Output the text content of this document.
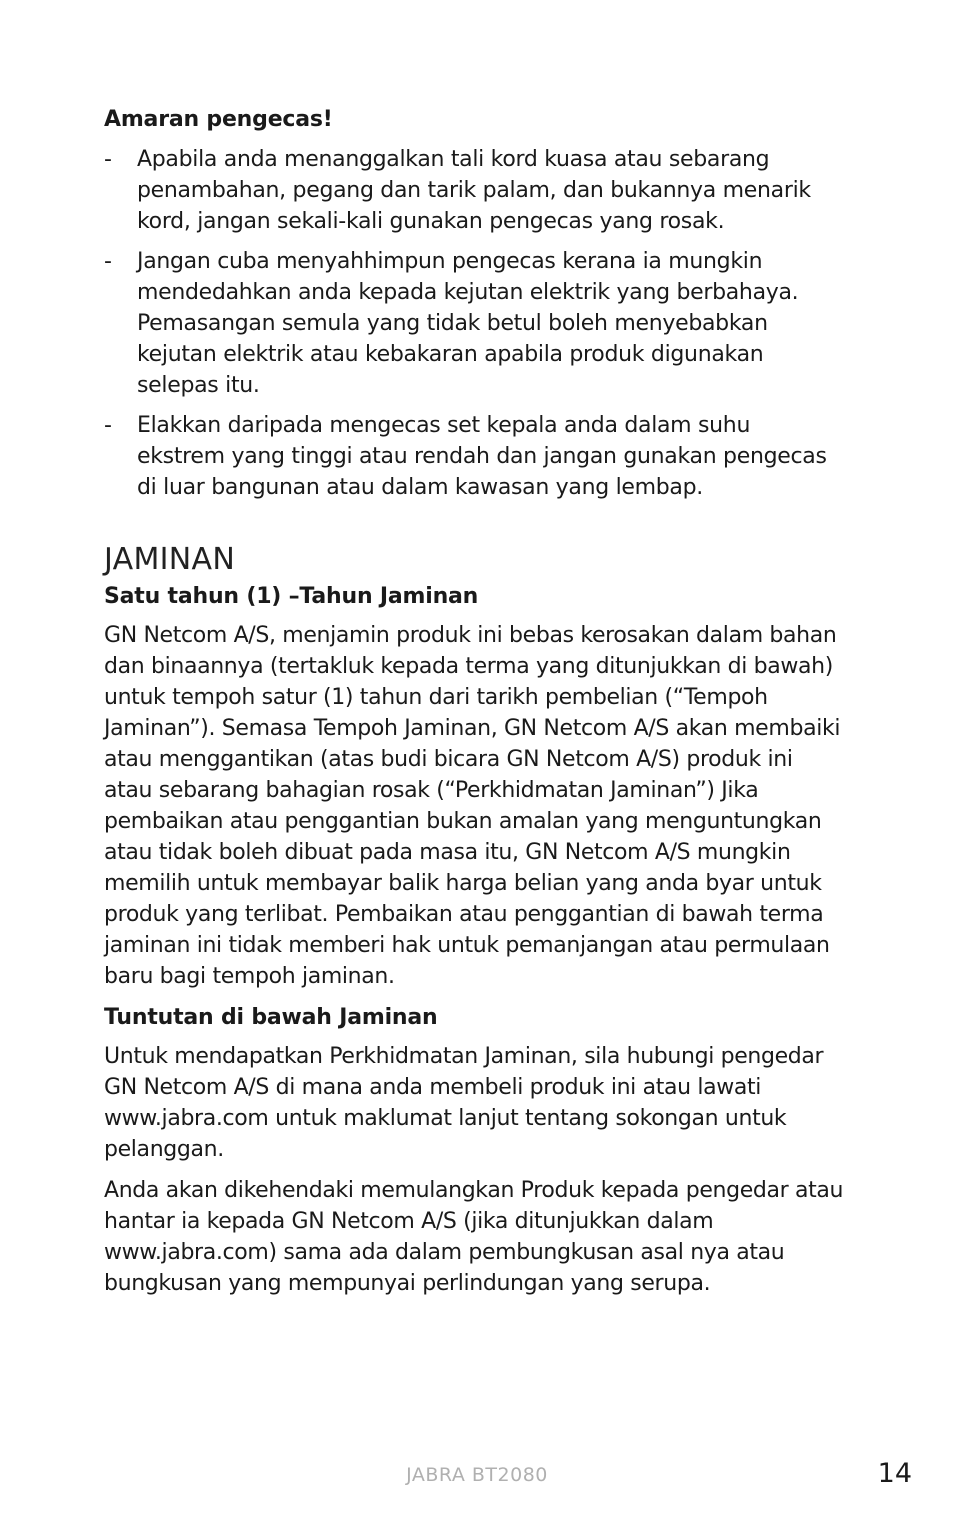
Amaran pengecas!

- Apabila anda menanggalkan tali kord kuasa atau sebarang penambahan, pegang dan tarik palam, dan bukannya menarik kord, jangan sekali-kali gunakan pengecas yang rosak.
- Jangan cuba menyahhimpun pengecas kerana ia mungkin mendedahkan anda kepada kejutan elektrik yang berbahaya. Pemasangan semula yang tidak betul boleh menyebabkan kejutan elektrik atau kebakaran apabila produk digunakan selepas itu.
- Elakkan daripada mengecas set kepala anda dalam suhu ekstrem yang tinggi atau rendah dan jangan gunakan pengecas di luar bangunan atau dalam kawasan yang lembap.
JAMINAN

Satu tahun (1) –Tahun Jaminan

GN Netcom A/S, menjamin produk ini bebas kerosakan dalam bahan dan binaannya (tertakluk kepada terma yang ditunjukkan di bawah) untuk tempoh satur (1) tahun dari tarikh pembelian (“Tempoh Jaminan”). Semasa Tempoh Jaminan, GN Netcom A/S akan membaiki atau menggantikan (atas budi bicara GN Netcom A/S) produk ini atau sebarang bahagian rosak (“Perkhidmatan Jaminan”) Jika pembaikan atau penggantian bukan amalan yang menguntungkan atau tidak boleh dibuat pada masa itu, GN Netcom A/S mungkin memilih untuk membayar balik harga belian yang anda byar untuk produk yang terlibat. Pembaikan atau penggantian di bawah terma jaminan ini tidak memberi hak untuk pemanjangan atau permulaan baru bagi tempoh jaminan.

Tuntutan di bawah Jaminan

Untuk mendapatkan Perkhidmatan Jaminan, sila hubungi pengedar GN Netcom A/S di mana anda membeli produk ini atau lawati www.jabra.com untuk maklumat lanjut tentang sokongan untuk pelanggan.

Anda akan dikehendaki memulangkan Produk kepada pengedar atau hantar ia kepada GN Netcom A/S (jika ditunjukkan dalam www.jabra.com) sama ada dalam pembungkusan asal nya atau bungkusan yang mempunyai perlindungan yang serupa.

JABRA BT2080	14
